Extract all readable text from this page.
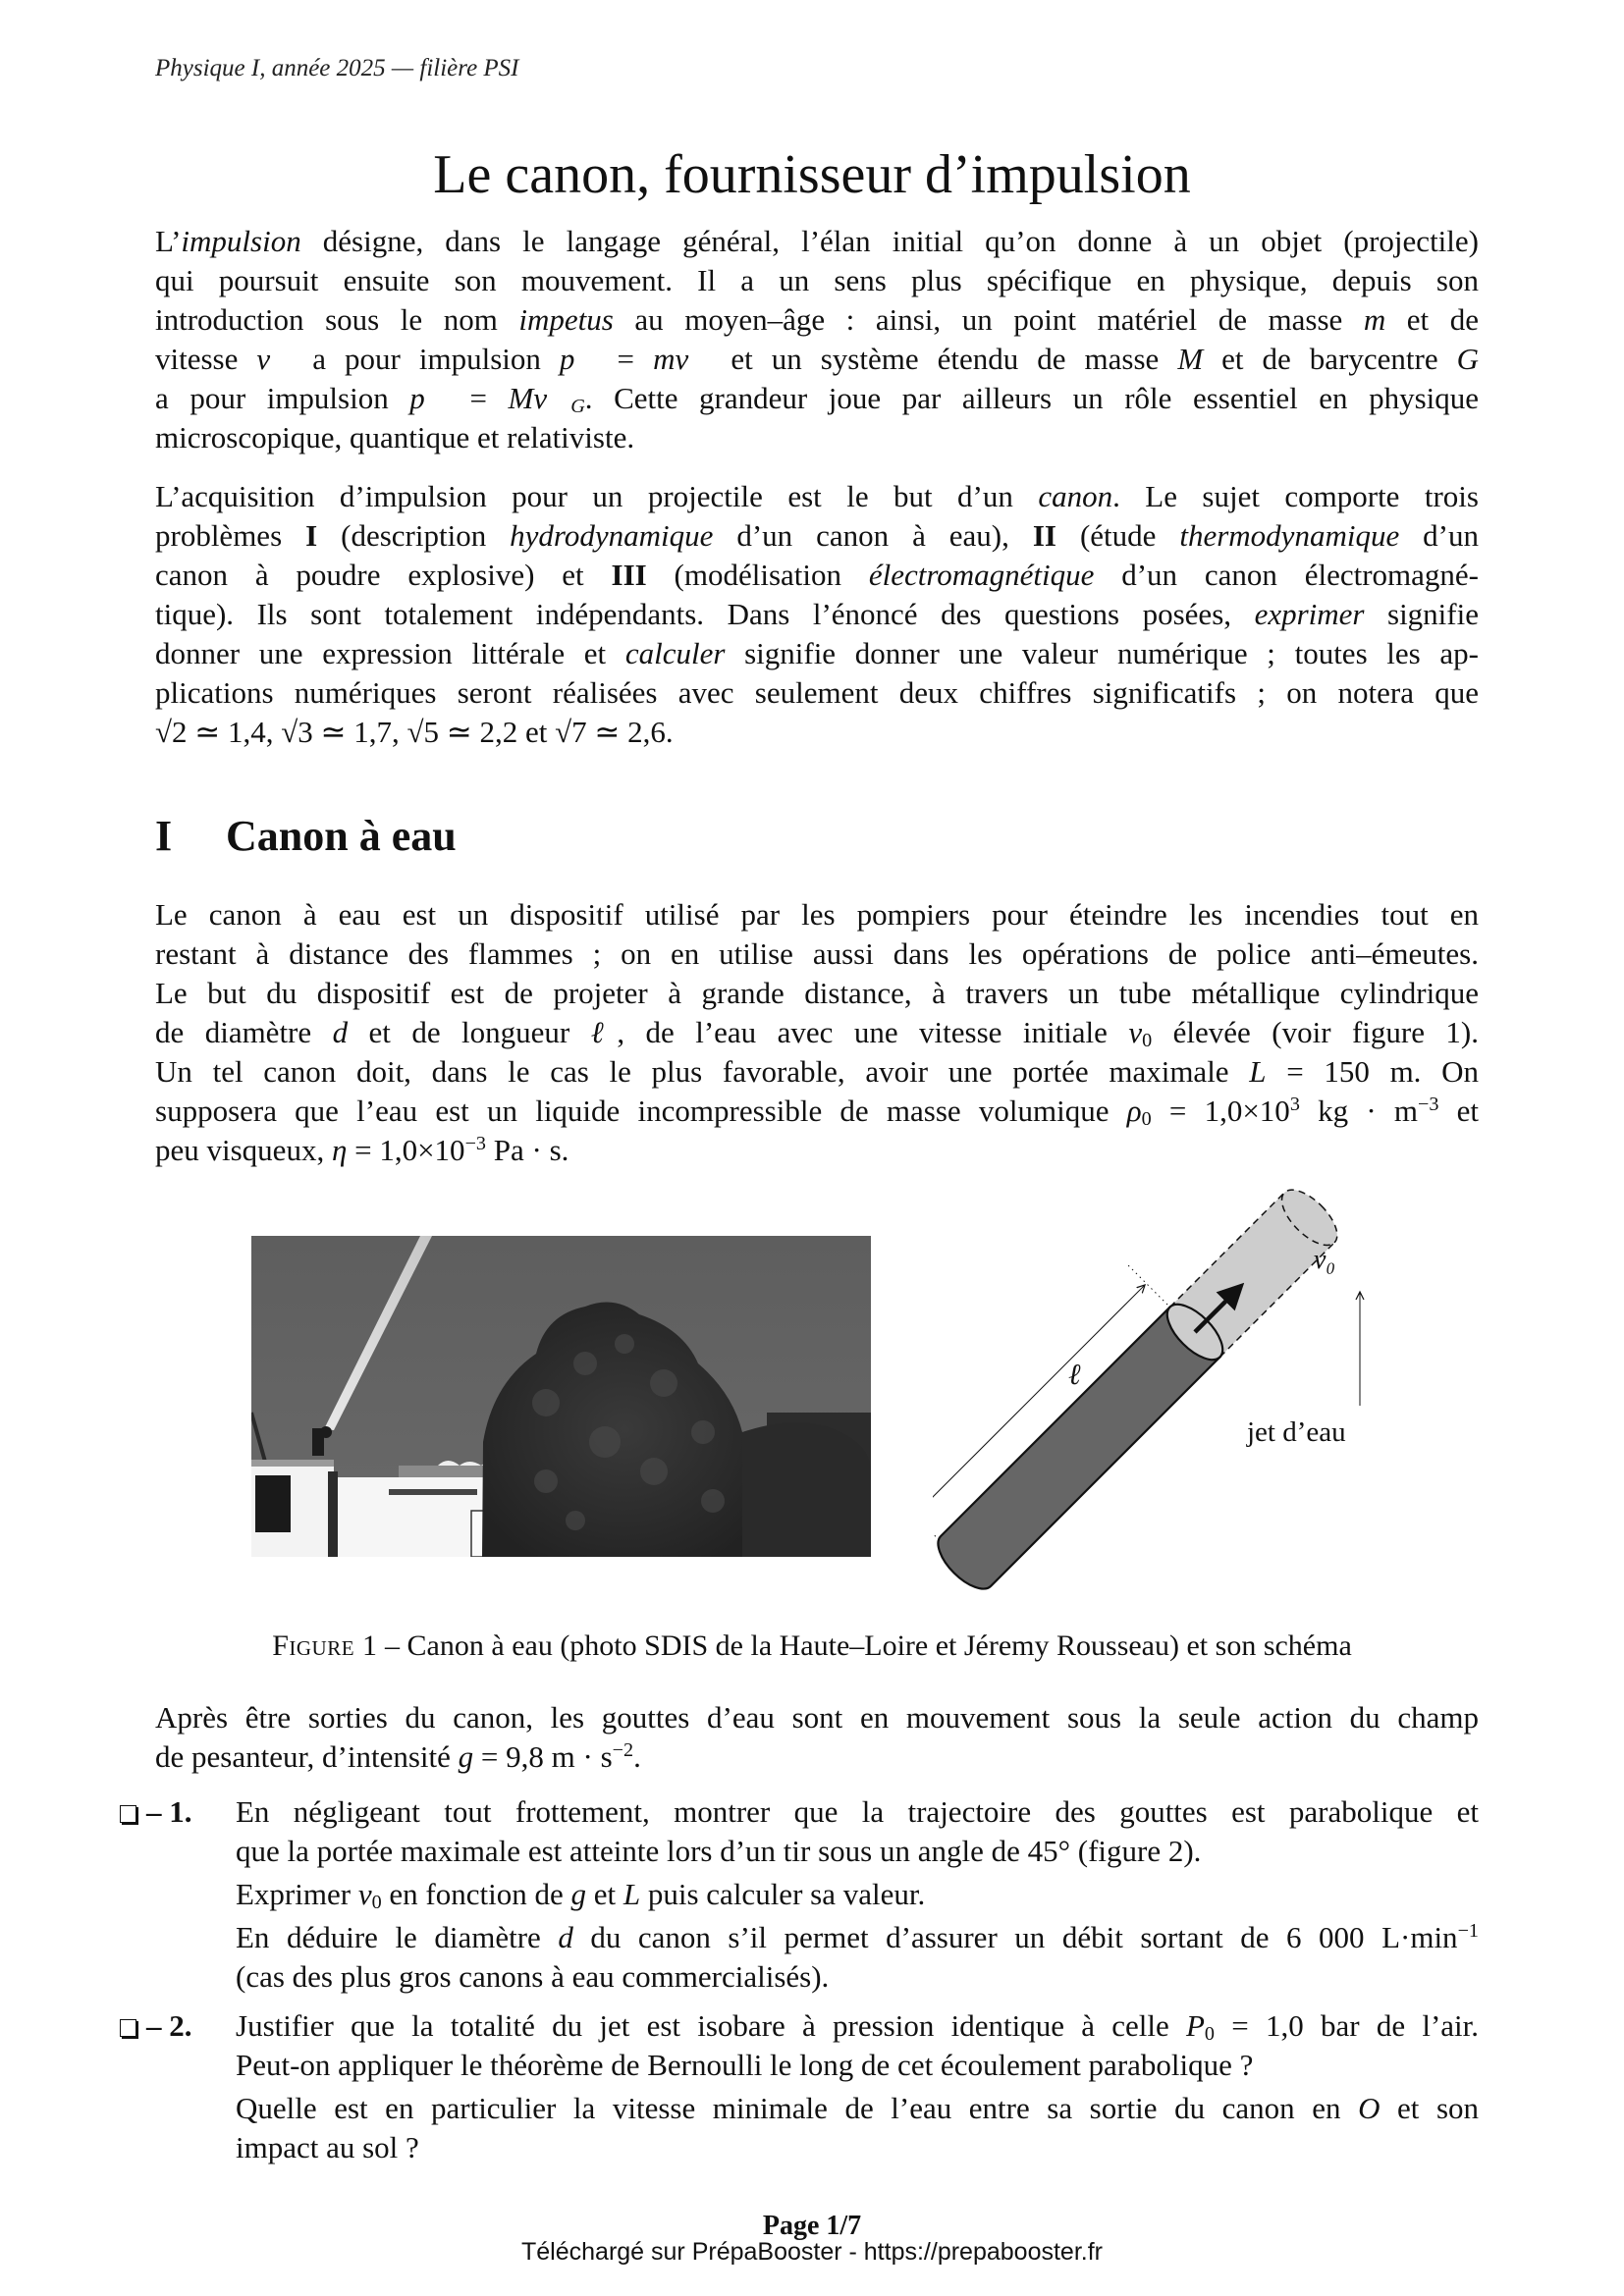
Physique I, année 2025 — filière PSI
Le canon, fournisseur d’impulsion
L’impulsion désigne, dans le langage général, l’élan initial qu’on donne à un objet (projectile)
qui poursuit ensuite son mouvement. Il a un sens plus spécifique en physique, depuis son
introduction sous le nom impetus au moyen–âge : ainsi, un point matériel de masse m et de
vitesse v⃗ a pour impulsion p⃗ = mv⃗ et un système étendu de masse M et de barycentre G
a pour impulsion p⃗ = $Mv⃗_G$. Cette grandeur joue par ailleurs un rôle essentiel en physique
microscopique, quantique et relativiste.
L’acquisition d’impulsion pour un projectile est le but d’un canon. Le sujet comporte trois
problèmes I (description hydrodynamique d’un canon à eau), II (étude thermodynamique d’un
canon à poudre explosive) et III (modélisation électromagnétique d’un canon électromagné-
tique). Ils sont totalement indépendants. Dans l’énoncé des questions posées, exprimer signifie
donner une expression littérale et calculer signifie donner une valeur numérique ; toutes les ap-
plications numériques seront réalisées avec seulement deux chiffres significatifs ; on notera que
√2 ≃ 1,4, √3 ≃ 1,7, √5 ≃ 2,2 et √7 ≃ 2,6.
I Canon à eau
Le canon à eau est un dispositif utilisé par les pompiers pour éteindre les incendies tout en
restant à distance des flammes ; on en utilise aussi dans les opérations de police anti–émeutes.
Le but du dispositif est de projeter à grande distance, à travers un tube métallique cylindrique
de diamètre d et de longueur ℓ, de l’eau avec une vitesse initiale $v_0$ élevée (voir figure 1).
Un tel canon doit, dans le cas le plus favorable, avoir une portée maximale L = 150 m. On
supposera que l’eau est un liquide incompressible de masse volumique $\rho_0 = 1,0\times 10^3$ kg · $m^{-3}$ et
peu visqueux, $\eta = 1,0\times 10^{-3}$ Pa · s.
ℓ
v₀
jet d’eau
Figure 1 – Canon à eau (photo SDIS de la Haute–Loire et Jéremy Rousseau) et son schéma
Après être sorties du canon, les gouttes d’eau sont en mouvement sous la seule action du champ
de pesanteur, d’intensité g = 9,8 $m \cdot s^{-2}$.
– 1. En négligeant tout frottement, montrer que la trajectoire des gouttes est parabolique et
que la portée maximale est atteinte lors d’un tir sous un angle de 45° (figure 2).
Exprimer $v_0$ en fonction de g et L puis calculer sa valeur.
En déduire le diamètre d du canon s’il permet d’assurer un débit sortant de 6 000 $L\cdot\min^{-1}$
(cas des plus gros canons à eau commercialisés).
– 2. Justifier que la totalité du jet est isobare à pression identique à celle $P_0 = 1,0$ bar de l’air.
Peut-on appliquer le théorème de Bernoulli le long de cet écoulement parabolique ?
Quelle est en particulier la vitesse minimale de l’eau entre sa sortie du canon en O et son
impact au sol ?
Page 1/7
Téléchargé sur PrépaBooster - https://prepabooster.fr
